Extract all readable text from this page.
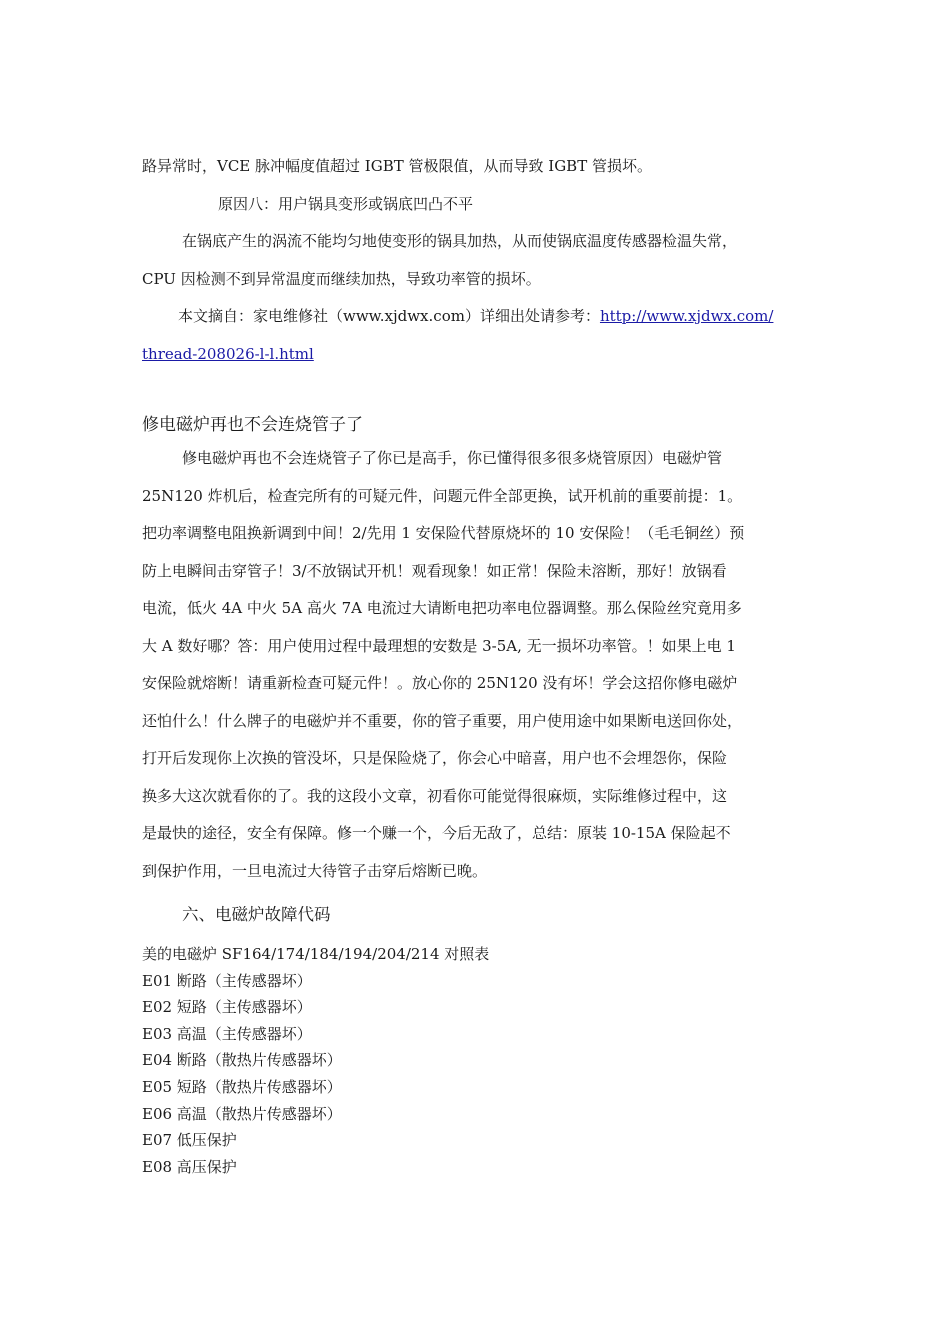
路异常时，VCE 脉冲幅度值超过 IGBT 管极限值，从而导致 IGBT 管损坏。

原因八：用户锅具变形或锅底凹凸不平

在锅底产生的涡流不能均匀地使变形的锅具加热，从而使锅底温度传感器检温失常，

CPU 因检测不到异常温度而继续加热，导致功率管的损坏。

本文摘自：家电维修社（www.xjdwx.com）详细出处请参考：http://www.xjdwx.com/

thread-208026-l-l.html

修电磁炉再也不会连烧管子了

修电磁炉再也不会连烧管子了你已是高手，你已懂得很多很多烧管原因）电磁炉管

25N120 炸机后，检查完所有的可疑元件，问题元件全部更换，试开机前的重要前提：1。

把功率调整电阻换新调到中间！2/先用 1 安保险代替原烧坏的 10 安保险！（毛毛铜丝）预

防上电瞬间击穿管子！3/不放锅试开机！观看现象！如正常！保险未溶断，那好！放锅看

电流，低火 4A 中火 5A 高火 7A 电流过大请断电把功率电位器调整。那么保险丝究竟用多

大 A 数好哪？答：用户使用过程中最理想的安数是 3-5A, 无一损坏功率管。！如果上电 1

安保险就熔断！请重新检查可疑元件！。放心你的 25N120 没有坏！学会这招你修电磁炉

还怕什么！什么牌子的电磁炉并不重要，你的管子重要，用户使用途中如果断电送回你处，

打开后发现你上次换的管没坏，只是保险烧了，你会心中暗喜，用户也不会埋怨你，保险

换多大这次就看你的了。我的这段小文章，初看你可能觉得很麻烦，实际维修过程中，这

是最快的途径，安全有保障。修一个赚一个，今后无敌了，总结：原装 10-15A 保险起不

到保护作用，一旦电流过大待管子击穿后熔断已晚。

六、电磁炉故障代码

美的电磁炉 SF164/174/184/194/204/214 对照表
E01 断路（主传感器坏）
E02 短路（主传感器坏）
E03 高温（主传感器坏）
E04 断路（散热片传感器坏）
E05 短路（散热片传感器坏）
E06 高温（散热片传感器坏）
E07 低压保护
E08 高压保护
